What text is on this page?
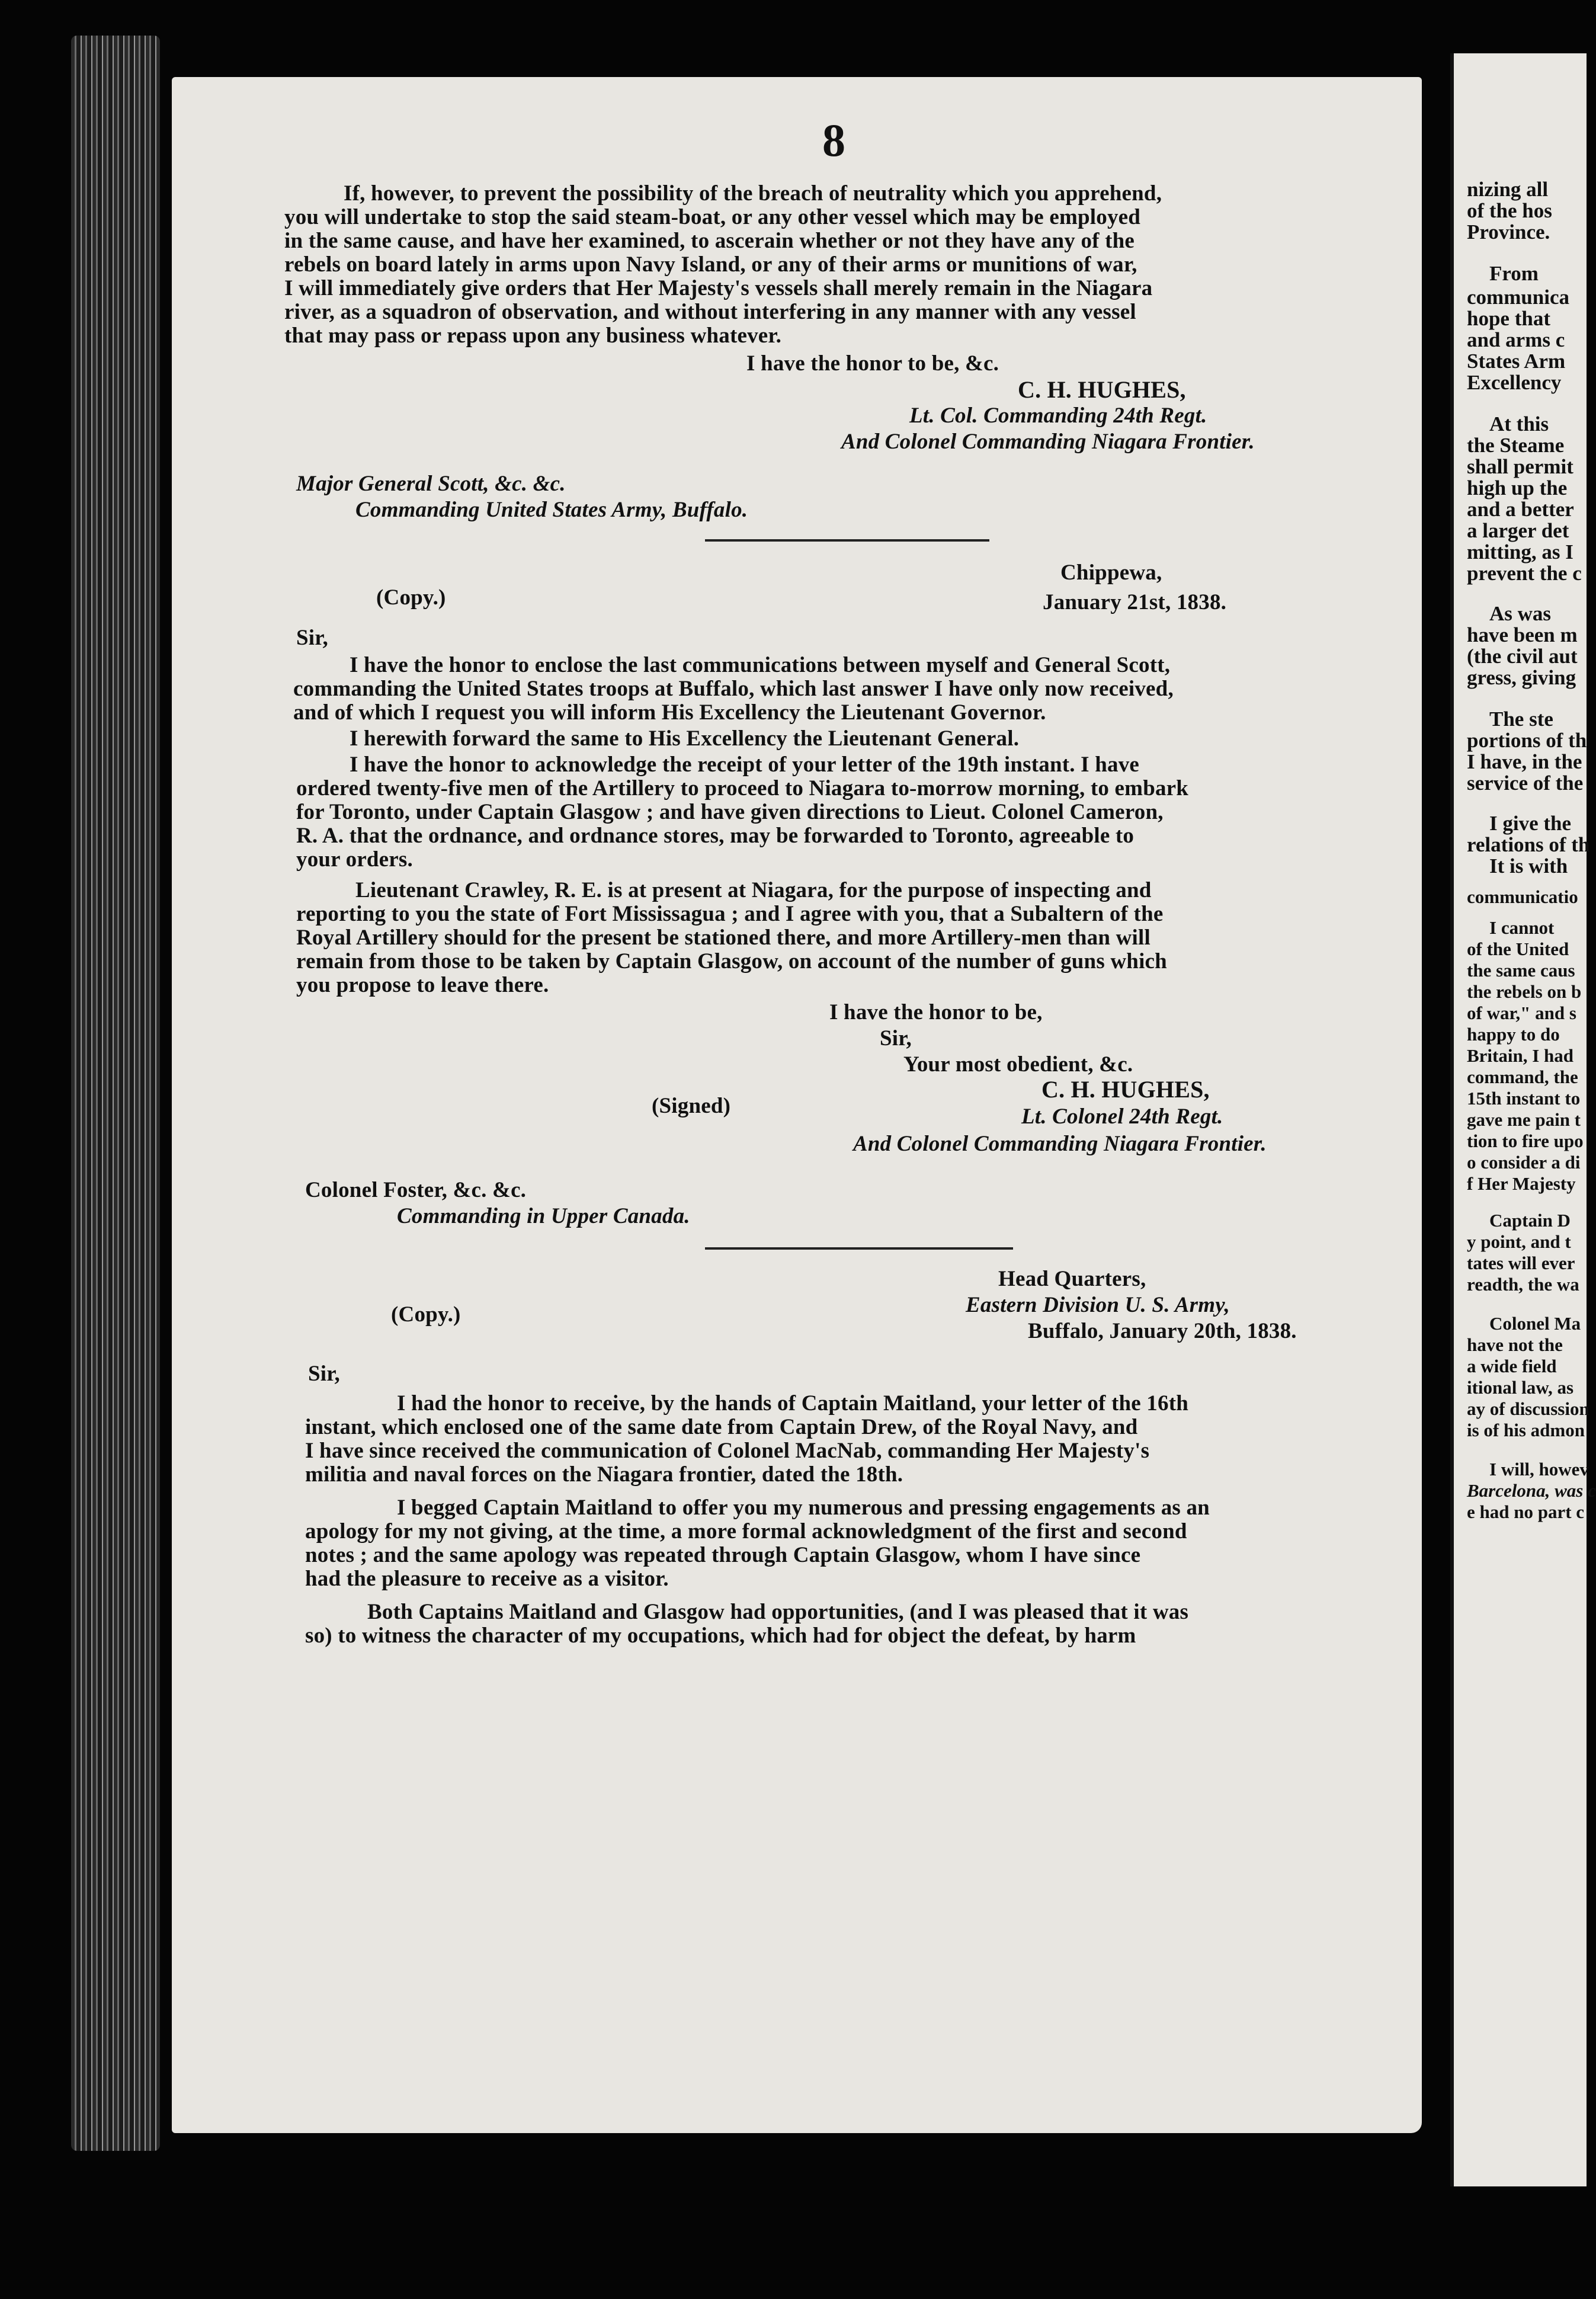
8
If, however, to prevent the possibility of the breach of neutrality which you apprehend,
you will undertake to stop the said steam-boat, or any other vessel which may be employed
in the same cause, and have her examined, to ascerain whether or not they have any of the
rebels on board lately in arms upon Navy Island, or any of their arms or munitions of war,
I will immediately give orders that Her Majesty's vessels shall merely remain in the Niagara
river, as a squadron of observation, and without interfering in any manner with any vessel
that may pass or repass upon any business whatever.
I have the honor to be, &c.
C. H. HUGHES,
Lt. Col. Commanding 24th Regt.
And Colonel Commanding Niagara Frontier.
Major General Scott, &c. &c.
Commanding United States Army, Buffalo.
Chippewa,
(Copy.)	January 21st, 1838.
Sir,
I have the honor to enclose the last communications between myself and General Scott,
commanding the United States troops at Buffalo, which last answer I have only now received,
and of which I request you will inform His Excellency the Lieutenant Governor.
I herewith forward the same to His Excellency the Lieutenant General.
I have the honor to acknowledge the receipt of your letter of the 19th instant. I have
ordered twenty-five men of the Artillery to proceed to Niagara to-morrow morning, to embark
for Toronto, under Captain Glasgow ; and have given directions to Lieut. Colonel Cameron,
R. A. that the ordnance, and ordnance stores, may be forwarded to Toronto, agreeable to
your orders.
Lieutenant Crawley, R. E. is at present at Niagara, for the purpose of inspecting and
reporting to you the state of Fort Mississagua ; and I agree with you, that a Subaltern of the
Royal Artillery should for the present be stationed there, and more Artillery-men than will
remain from those to be taken by Captain Glasgow, on account of the number of guns which
you propose to leave there.
I have the honor to be,
Sir,
Your most obedient, &c.
(Signed)
C. H. HUGHES,
Lt. Colonel 24th Regt.
And Colonel Commanding Niagara Frontier.
Colonel Foster, &c. &c.
Commanding in Upper Canada.
Head Quarters,
(Copy.)	Eastern Division U. S. Army,
Buffalo, January 20th, 1838.
Sir,
I had the honor to receive, by the hands of Captain Maitland, your letter of the 16th
instant, which enclosed one of the same date from Captain Drew, of the Royal Navy, and
I have since received the communication of Colonel MacNab, commanding Her Majesty's
militia and naval forces on the Niagara frontier, dated the 18th.
I begged Captain Maitland to offer you my numerous and pressing engagements as an
apology for my not giving, at the time, a more formal acknowledgment of the first and second
notes ; and the same apology was repeated through Captain Glasgow, whom I have since
had the pleasure to receive as a visitor.
Both Captains Maitland and Glasgow had opportunities, (and I was pleased that it was
so) to witness the character of my occupations, which had for object the defeat, by harm
nizing all
of the hos
Province.
From
communica
hope that
and arms c
States Arm
Excellency
At this
the Steame
shall permit
high up the
and a better
a larger det
mitting, as I
prevent the c
As was
have been m
(the civil aut
gress, giving
The ste
portions of th
I have, in the
service of the
I give the
relations of th
It is with
communicatio
I cannot
of the United
the same caus
the rebels on b
of war," and s
happy to do
Britain, I had
command, the
15th instant to
gave me pain t
tion to fire upo
o consider a di
f Her Majesty
Captain D
y point, and t
tates will ever
readth, the wa
Colonel Ma
have not the
a wide field
itional law, as
ay of discussion
is of his admon
I will, howev
Barcelona, was c
e had no part c
